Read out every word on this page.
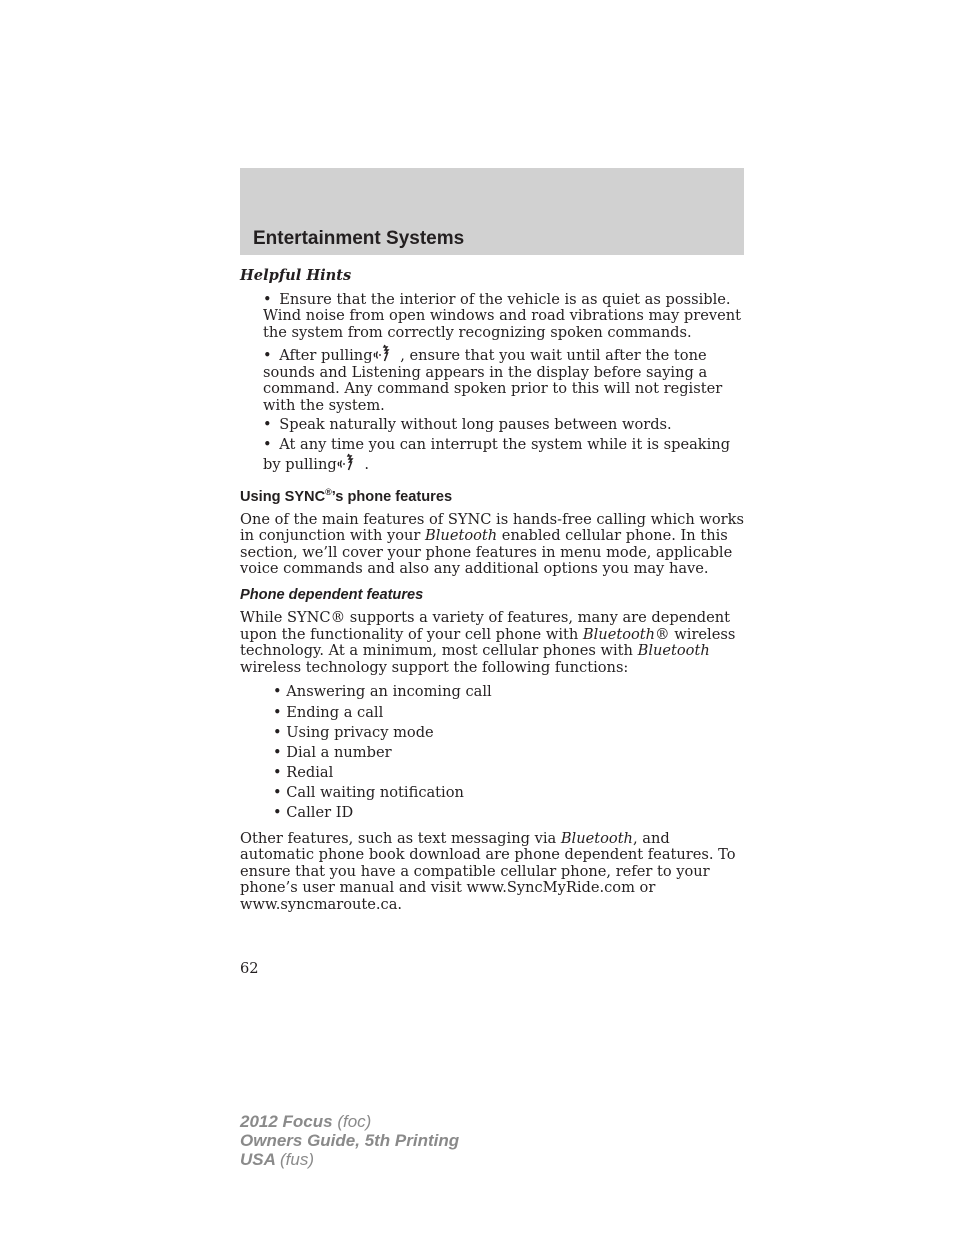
Entertainment Systems
Helpful Hints

• Ensure that the interior of the vehicle is as quiet as possible. Wind noise from open windows and road vibrations may prevent the system from correctly recognizing spoken commands.

• After pulling , ensure that you wait until after the tone sounds and Listening appears in the display before saying a command. Any command spoken prior to this will not register with the system.

• Speak naturally without long pauses between words.

• At any time you can interrupt the system while it is speaking by pulling .

Using SYNC®’s phone features

One of the main features of SYNC is hands-free calling which works in conjunction with your Bluetooth enabled cellular phone. In this section, we’ll cover your phone features in menu mode, applicable voice commands and also any additional options you may have.

Phone dependent features

While SYNC® supports a variety of features, many are dependent upon the functionality of your cell phone with Bluetooth® wireless technology. At a minimum, most cellular phones with Bluetooth wireless technology support the following functions:

• Answering an incoming call
• Ending a call
• Using privacy mode
• Dial a number
• Redial
• Call waiting notification
• Caller ID

Other features, such as text messaging via Bluetooth, and automatic phone book download are phone dependent features. To ensure that you have a compatible cellular phone, refer to your phone’s user manual and visit www.SyncMyRide.com or www.syncmaroute.ca.

62

2012 Focus (foc)
Owners Guide, 5th Printing
USA (fus)
